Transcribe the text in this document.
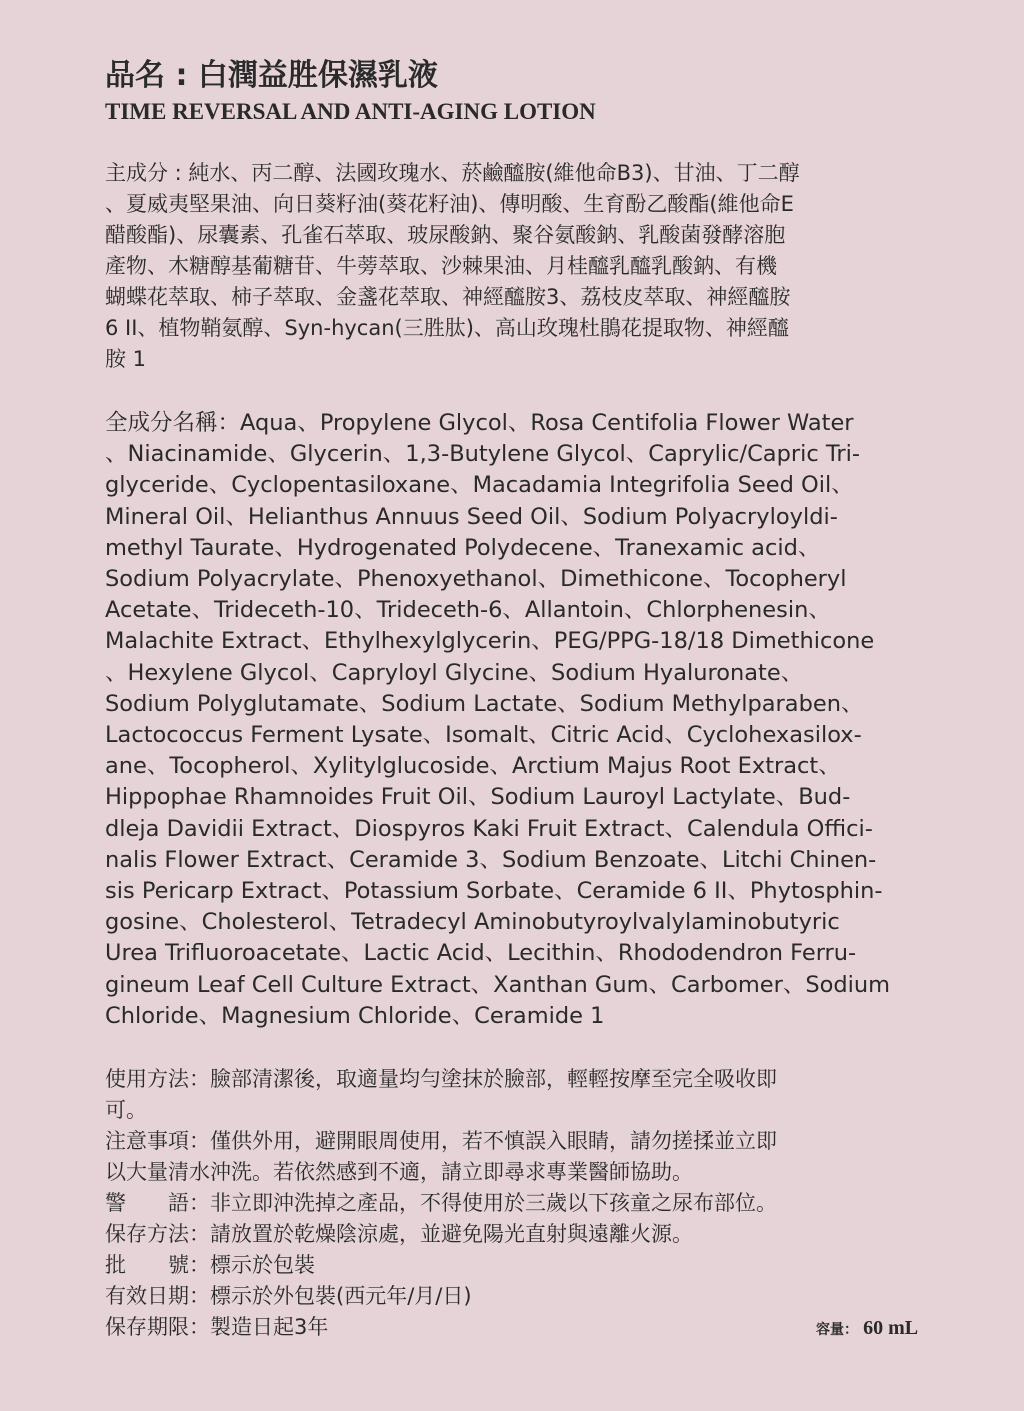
品名 : 白潤益胜保濕乳液
TIME REVERSAL AND ANTI-AGING LOTION
主成分 : 純水、丙二醇、法國玫瑰水、菸鹼醯胺(維他命B3)、甘油、丁二醇
、夏威夷堅果油、向日葵籽油(葵花籽油)、傳明酸、生育酚乙酸酯(維他命E
醋酸酯)、尿囊素、孔雀石萃取、玻尿酸鈉、聚谷氨酸鈉、乳酸菌發酵溶胞
產物、木糖醇基葡糖苷、牛蒡萃取、沙棘果油、月桂醯乳醯乳酸鈉、有機
蝴蝶花萃取、柿子萃取、金盞花萃取、神經醯胺3、荔枝皮萃取、神經醯胺
6 II、植物鞘氨醇、Syn-hycan(三胜肽)、高山玫瑰杜鵑花提取物、神經醯
胺 1
全成分名稱：Aqua、Propylene Glycol、Rosa Centifolia Flower Water
、Niacinamide、Glycerin、1,3-Butylene Glycol、Caprylic/Capric Tri-
glyceride、Cyclopentasiloxane、Macadamia Integrifolia Seed Oil、
Mineral Oil、Helianthus Annuus Seed Oil、Sodium Polyacryloyldi-
methyl Taurate、Hydrogenated Polydecene、Tranexamic acid、
Sodium Polyacrylate、Phenoxyethanol、Dimethicone、Tocopheryl
Acetate、Trideceth-10、Trideceth-6、Allantoin、Chlorphenesin、
Malachite Extract、Ethylhexylglycerin、PEG/PPG-18/18 Dimethicone
、Hexylene Glycol、Capryloyl Glycine、Sodium Hyaluronate、
Sodium Polyglutamate、Sodium Lactate、Sodium Methylparaben、
Lactococcus Ferment Lysate、Isomalt、Citric Acid、Cyclohexasilox-
ane、Tocopherol、Xylitylglucoside、Arctium Majus Root Extract、
Hippophae Rhamnoides Fruit Oil、Sodium Lauroyl Lactylate、Bud-
dleja Davidii Extract、Diospyros Kaki Fruit Extract、Calendula Offici-
nalis Flower Extract、Ceramide 3、Sodium Benzoate、Litchi Chinen-
sis Pericarp Extract、Potassium Sorbate、Ceramide 6 II、Phytosphin-
gosine、Cholesterol、Tetradecyl Aminobutyroylvalylaminobutyric
Urea Trifluoroacetate、Lactic Acid、Lecithin、Rhododendron Ferru-
gineum Leaf Cell Culture Extract、Xanthan Gum、Carbomer、Sodium
Chloride、Magnesium Chloride、Ceramide 1
使用方法：臉部清潔後，取適量均勻塗抹於臉部，輕輕按摩至完全吸收即
可。
注意事項：僅供外用，避開眼周使用，若不慎誤入眼睛，請勿搓揉並立即
以大量清水沖洗。若依然感到不適，請立即尋求專業醫師協助。
警　　語：非立即沖洗掉之產品，不得使用於三歲以下孩童之尿布部位。
保存方法：請放置於乾燥陰涼處，並避免陽光直射與遠離火源。
批　　號：標示於包裝
有效日期：標示於外包裝(西元年/月/日)
保存期限：製造日起3年	容量： 60 mL
